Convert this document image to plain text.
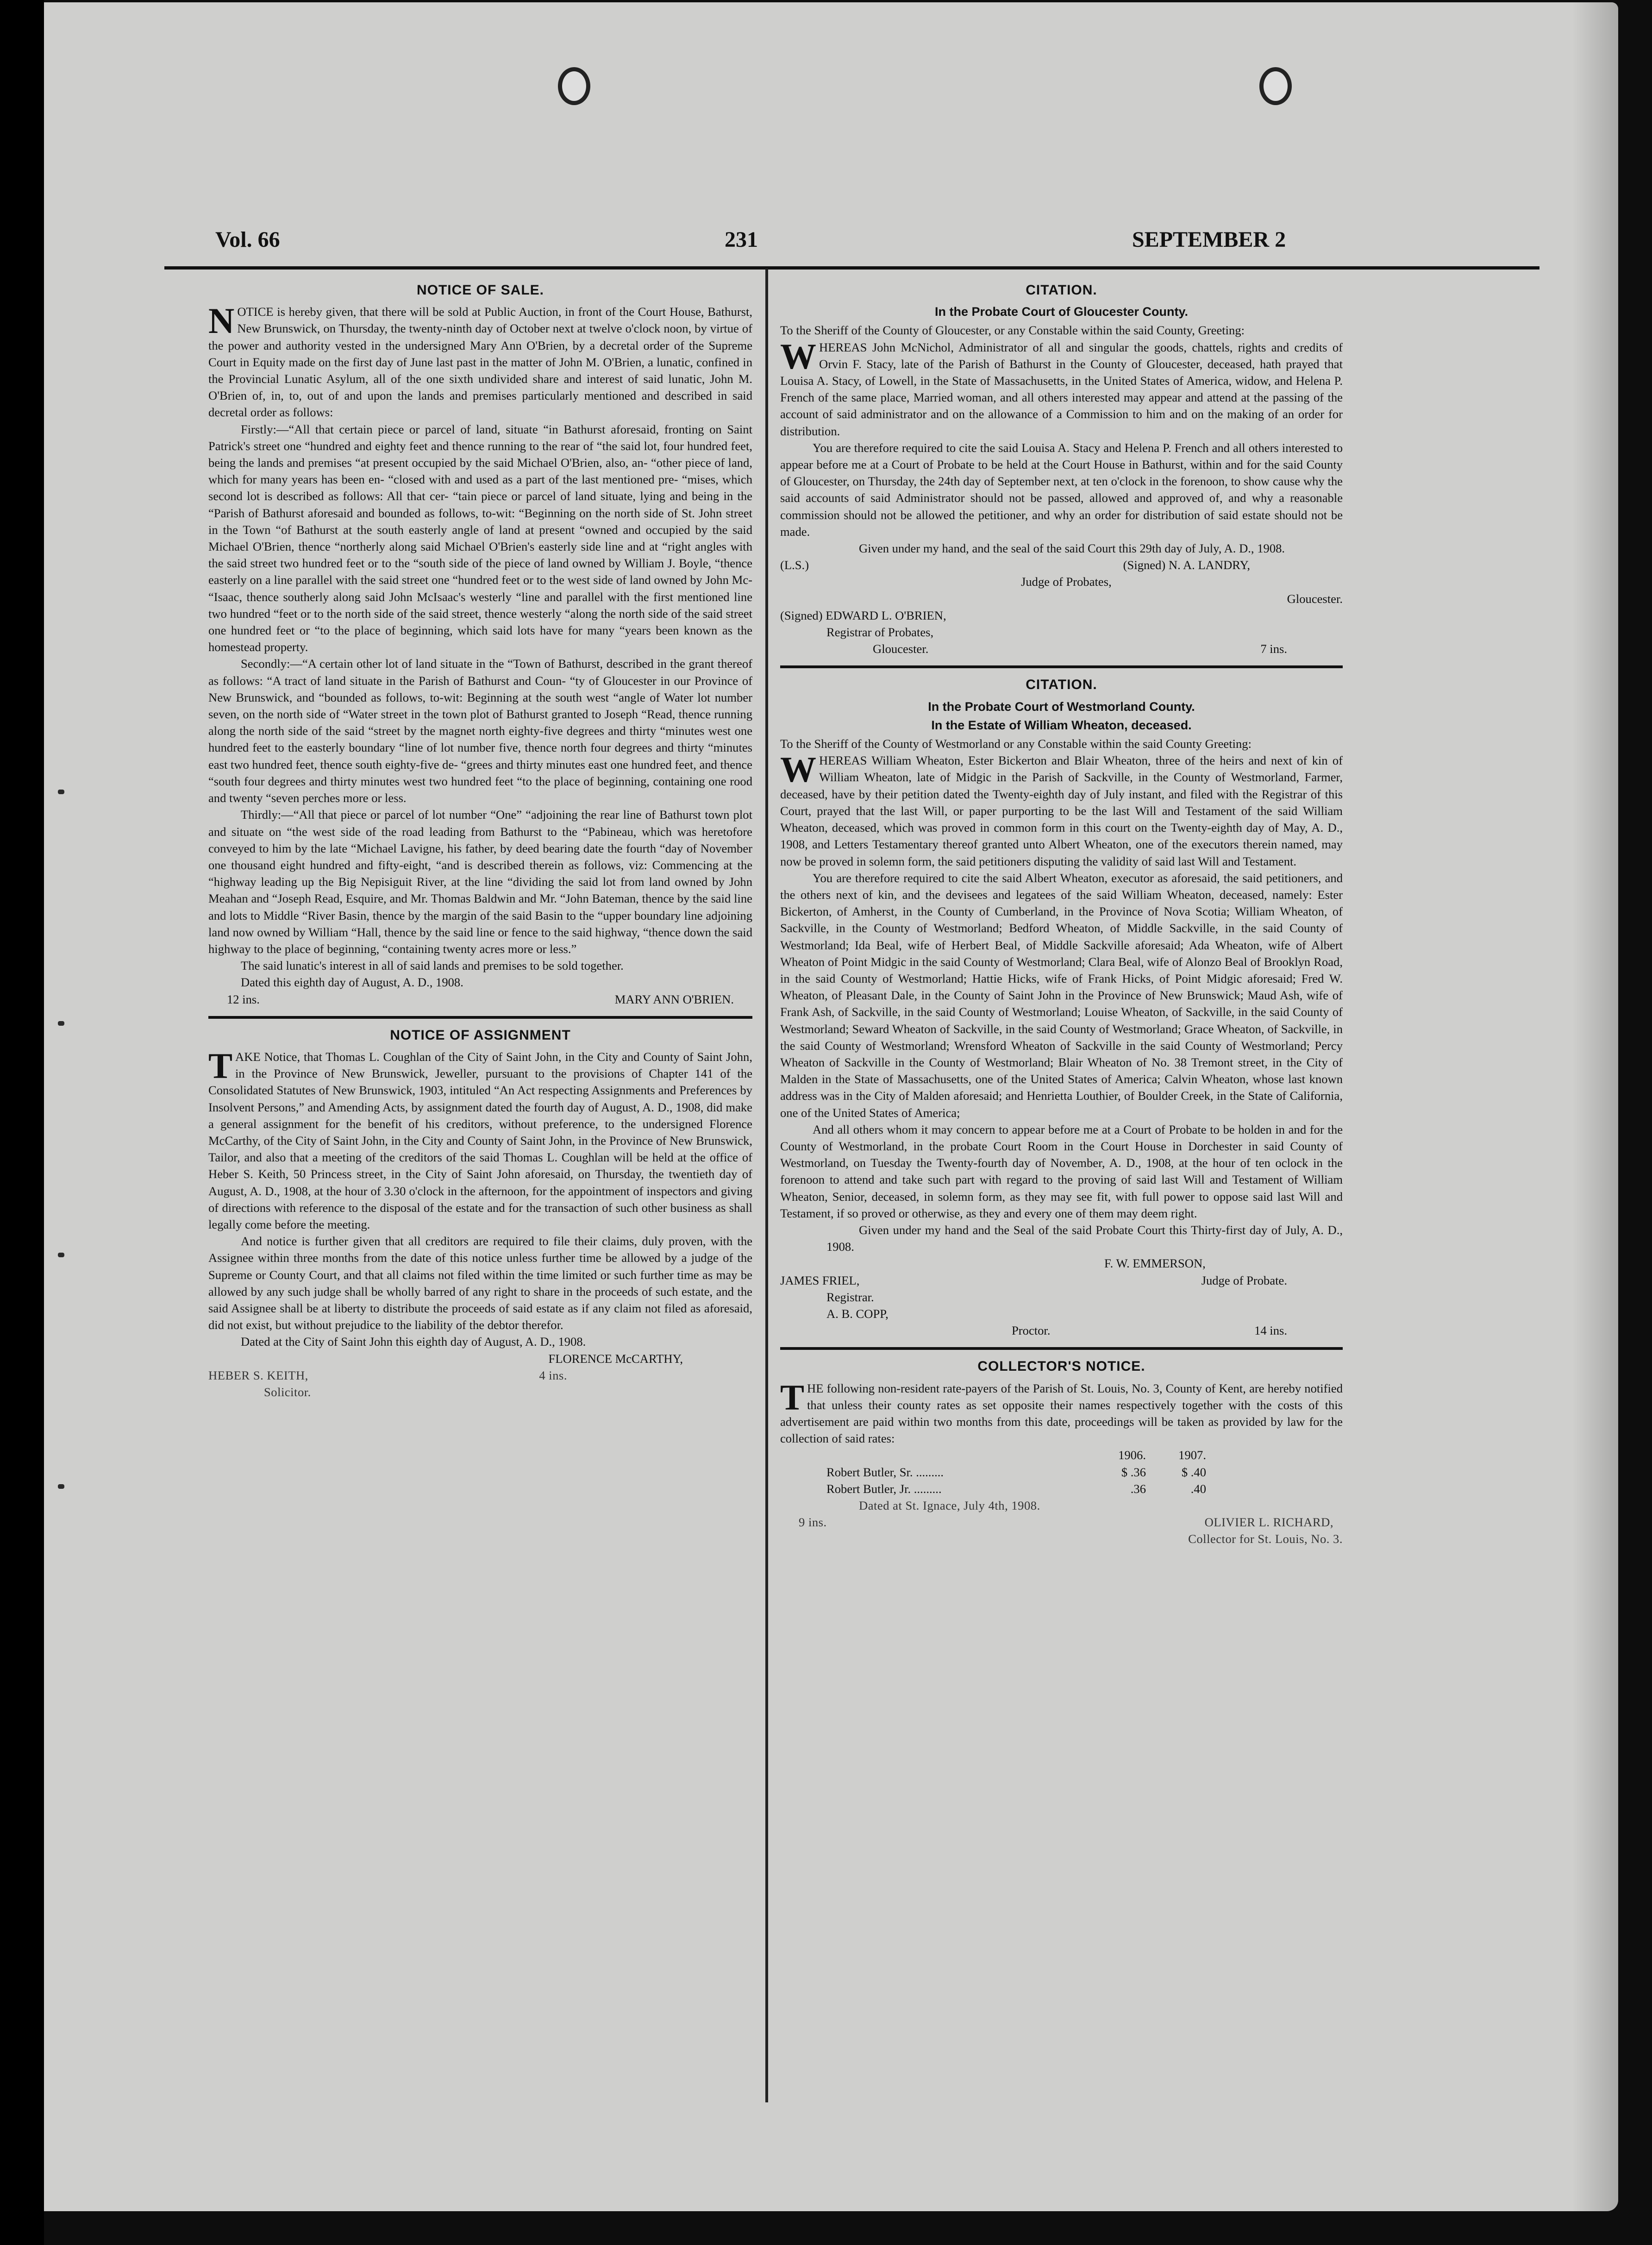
Vol. 66	231	SEPTEMBER 2
NOTICE OF SALE.

NOTICE is hereby given, that there will be sold at Public Auction, in front of the Court House, Bathurst, New Brunswick, on Thursday, the twenty-ninth day of October next at twelve o'clock noon, by virtue of the power and authority vested in the undersigned Mary Ann O'Brien, by a decretal order of the Supreme Court in Equity made on the first day of June last past in the matter of John M. O'Brien, a lunatic, confined in the Provincial Lunatic Asylum, all of the one sixth undivided share and interest of said lunatic, John M. O'Brien of, in, to, out of and upon the lands and premises particularly mentioned and described in said decretal order as follows:

Firstly:—“All that certain piece or parcel of land, situate “in Bathurst aforesaid, fronting on Saint Patrick's street one “hundred and eighty feet and thence running to the rear of “the said lot, four hundred feet, being the lands and premises “at present occupied by the said Michael O'Brien, also, an- “other piece of land, which for many years has been en- “closed with and used as a part of the last mentioned pre- “mises, which second lot is described as follows: All that cer- “tain piece or parcel of land situate, lying and being in the “Parish of Bathurst aforesaid and bounded as follows, to-wit: “Beginning on the north side of St. John street in the Town “of Bathurst at the south easterly angle of land at present “owned and occupied by the said Michael O'Brien, thence “northerly along said Michael O'Brien's easterly side line and at “right angles with the said street two hundred feet or to the “south side of the piece of land owned by William J. Boyle, “thence easterly on a line parallel with the said street one “hundred feet or to the west side of land owned by John Mc- “Isaac, thence southerly along said John McIsaac's westerly “line and parallel with the first mentioned line two hundred “feet or to the north side of the said street, thence westerly “along the north side of the said street one hundred feet or “to the place of beginning, which said lots have for many “years been known as the homestead property.

Secondly:—“A certain other lot of land situate in the “Town of Bathurst, described in the grant thereof as follows: “A tract of land situate in the Parish of Bathurst and Coun- “ty of Gloucester in our Province of New Brunswick, and “bounded as follows, to-wit: Beginning at the south west “angle of Water lot number seven, on the north side of “Water street in the town plot of Bathurst granted to Joseph “Read, thence running along the north side of the said “street by the magnet north eighty-five degrees and thirty “minutes west one hundred feet to the easterly boundary “line of lot number five, thence north four degrees and thirty “minutes east two hundred feet, thence south eighty-five de- “grees and thirty minutes east one hundred feet, and thence “south four degrees and thirty minutes west two hundred feet “to the place of beginning, containing one rood and twenty “seven perches more or less.

Thirdly:—“All that piece or parcel of lot number “One” “adjoining the rear line of Bathurst town plot and situate on “the west side of the road leading from Bathurst to the “Pabineau, which was heretofore conveyed to him by the late “Michael Lavigne, his father, by deed bearing date the fourth “day of November one thousand eight hundred and fifty-eight, “and is described therein as follows, viz: Commencing at the “highway leading up the Big Nepisiguit River, at the line “dividing the said lot from land owned by John Meahan and “Joseph Read, Esquire, and Mr. Thomas Baldwin and Mr. “John Bateman, thence by the said line and lots to Middle “River Basin, thence by the margin of the said Basin to the “upper boundary line adjoining land now owned by William “Hall, thence by the said line or fence to the said highway, “thence down the said highway to the place of beginning, “containing twenty acres more or less.”

The said lunatic's interest in all of said lands and premises to be sold together.

Dated this eighth day of August, A. D., 1908.

12 ins.	MARY ANN O'BRIEN.
NOTICE OF ASSIGNMENT

TAKE Notice, that Thomas L. Coughlan of the City of Saint John, in the City and County of Saint John, in the Province of New Brunswick, Jeweller, pursuant to the provisions of Chapter 141 of the Consolidated Statutes of New Brunswick, 1903, intituled “An Act respecting Assignments and Preferences by Insolvent Persons,” and Amending Acts, by assignment dated the fourth day of August, A. D., 1908, did make a general assignment for the benefit of his creditors, without preference, to the undersigned Florence McCarthy, of the City of Saint John, in the City and County of Saint John, in the Province of New Brunswick, Tailor, and also that a meeting of the creditors of the said Thomas L. Coughlan will be held at the office of Heber S. Keith, 50 Princess street, in the City of Saint John aforesaid, on Thursday, the twentieth day of August, A. D., 1908, at the hour of 3.30 o'clock in the afternoon, for the appointment of inspectors and giving of directions with reference to the disposal of the estate and for the transaction of such other business as shall legally come before the meeting.

And notice is further given that all creditors are required to file their claims, duly proven, with the Assignee within three months from the date of this notice unless further time be allowed by a judge of the Supreme or County Court, and that all claims not filed within the time limited or such further time as may be allowed by any such judge shall be wholly barred of any right to share in the proceeds of such estate, and the said Assignee shall be at liberty to distribute the proceeds of said estate as if any claim not filed as aforesaid, did not exist, but without prejudice to the liability of the debtor therefor.

Dated at the City of Saint John this eighth day of August, A. D., 1908.

FLORENCE McCARTHY,
HEBER S. KEITH,	4 ins.
Solicitor.
CITATION.
In the Probate Court of Gloucester County.

To the Sheriff of the County of Gloucester, or any Constable within the said County, Greeting:

WHEREAS John McNichol, Administrator of all and singular the goods, chattels, rights and credits of Orvin F. Stacy, late of the Parish of Bathurst in the County of Gloucester, deceased, hath prayed that Louisa A. Stacy, of Lowell, in the State of Massachusetts, in the United States of America, widow, and Helena P. French of the same place, Married woman, and all others interested may appear and attend at the passing of the account of said administrator and on the allowance of a Commission to him and on the making of an order for distribution.

You are therefore required to cite the said Louisa A. Stacy and Helena P. French and all others interested to appear before me at a Court of Probate to be held at the Court House in Bathurst, within and for the said County of Gloucester, on Thursday, the 24th day of September next, at ten o'clock in the forenoon, to show cause why the said accounts of said Administrator should not be passed, allowed and approved of, and why a reasonable commission should not be allowed the petitioner, and why an order for distribution of said estate should not be made.

Given under my hand, and the seal of the said Court this 29th day of July, A. D., 1908.

(L.S.)	(Signed) N. A. LANDRY,
Judge of Probates,
Gloucester.
(Signed) EDWARD L. O'BRIEN,
Registrar of Probates,
Gloucester.	7 ins.
CITATION.
In the Probate Court of Westmorland County.
In the Estate of William Wheaton, deceased.

To the Sheriff of the County of Westmorland or any Constable within the said County Greeting:

WHEREAS William Wheaton, Ester Bickerton and Blair Wheaton, three of the heirs and next of kin of William Wheaton, late of Midgic in the Parish of Sackville, in the County of Westmorland, Farmer, deceased, have by their petition dated the Twenty-eighth day of July instant, and filed with the Registrar of this Court, prayed that the last Will, or paper purporting to be the last Will and Testament of the said William Wheaton, deceased, which was proved in common form in this court on the Twenty-eighth day of May, A. D., 1908, and Letters Testamentary thereof granted unto Albert Wheaton, one of the executors therein named, may now be proved in solemn form, the said petitioners disputing the validity of said last Will and Testament.

You are therefore required to cite the said Albert Wheaton, executor as aforesaid, the said petitioners, and the others next of kin, and the devisees and legatees of the said William Wheaton, deceased, namely: Ester Bickerton, of Amherst, in the County of Cumberland, in the Province of Nova Scotia; William Wheaton, of Sackville, in the County of Westmorland; Bedford Wheaton, of Middle Sackville, in the said County of Westmorland; Ida Beal, wife of Herbert Beal, of Middle Sackville aforesaid; Ada Wheaton, wife of Albert Wheaton of Point Midgic in the said County of Westmorland; Clara Beal, wife of Alonzo Beal of Brooklyn Road, in the said County of Westmorland; Hattie Hicks, wife of Frank Hicks, of Point Midgic aforesaid; Fred W. Wheaton, of Pleasant Dale, in the County of Saint John in the Province of New Brunswick; Maud Ash, wife of Frank Ash, of Sackville, in the said County of Westmorland; Louise Wheaton, of Sackville, in the said County of Westmorland; Seward Wheaton of Sackville, in the said County of Westmorland; Grace Wheaton, of Sackville, in the said County of Westmorland; Wrensford Wheaton of Sackville in the said County of Westmorland; Percy Wheaton of Sackville in the County of Westmorland; Blair Wheaton of No. 38 Tremont street, in the City of Malden in the State of Massachusetts, one of the United States of America; Calvin Wheaton, whose last known address was in the City of Malden aforesaid; and Henrietta Louthier, of Boulder Creek, in the State of California, one of the United States of America;

And all others whom it may concern to appear before me at a Court of Probate to be holden in and for the County of Westmorland, in the probate Court Room in the Court House in Dorchester in said County of Westmorland, on Tuesday the Twenty-fourth day of November, A. D., 1908, at the hour of ten oclock in the forenoon to attend and take such part with regard to the proving of said last Will and Testament of William Wheaton, Senior, deceased, in solemn form, as they may see fit, with full power to oppose said last Will and Testament, if so proved or otherwise, as they and every one of them may deem right.

Given under my hand and the Seal of the said Probate Court this Thirty-first day of July, A. D., 1908.

F. W. EMMERSON,
JAMES FRIEL,	Judge of Probate.
Registrar.
A. B. COPP,
Proctor.	14 ins.
COLLECTOR'S NOTICE.

THE following non-resident rate-payers of the Parish of St. Louis, No. 3, County of Kent, are hereby notified that unless their county rates as set opposite their names respectively together with the costs of this advertisement are paid within two months from this date, proceedings will be taken as provided by law for the collection of said rates:

1906.	1907.
Robert Butler, Sr. .........	$ .36	$ .40
Robert Butler, Jr. .........	.36	.40

Dated at St. Ignace, July 4th, 1908.

9 ins.	OLIVIER L. RICHARD,
Collector for St. Louis, No. 3.
